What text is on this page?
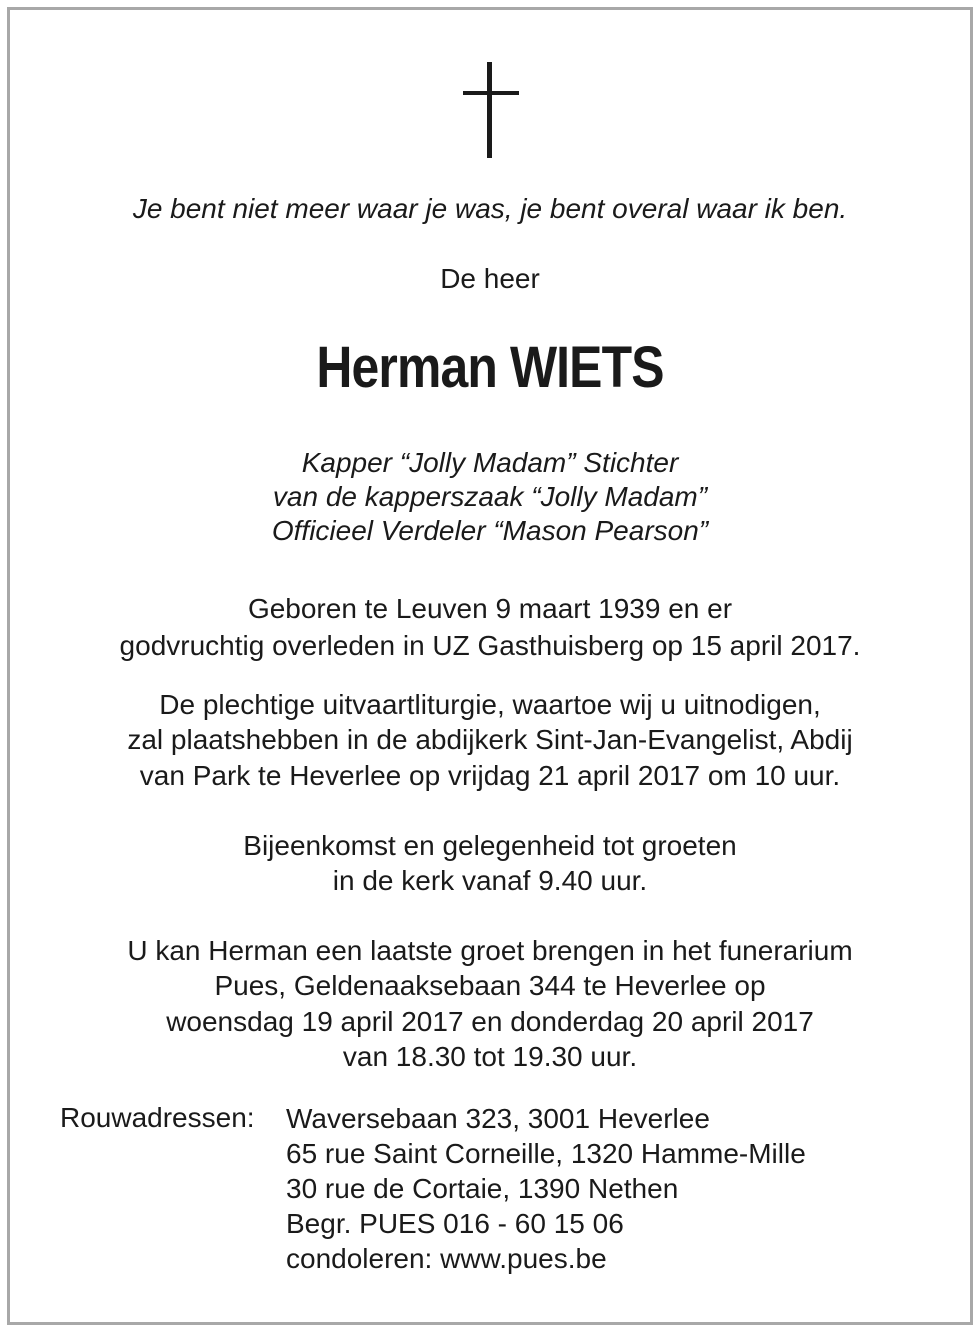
Je bent niet meer waar je was, je bent overal waar ik ben.
De heer
Herman WIETS
Kapper “Jolly Madam” Stichter
van de kapperszaak “Jolly Madam”
Officieel Verdeler “Mason Pearson”
Geboren te Leuven 9 maart 1939 en er
godvruchtig overleden in UZ Gasthuisberg op 15 april 2017.
De plechtige uitvaartliturgie, waartoe wij u uitnodigen,
zal plaatshebben in de abdijkerk Sint-Jan-Evangelist, Abdij
van Park te Heverlee op vrijdag 21 april 2017 om 10 uur.
Bijeenkomst en gelegenheid tot groeten
in de kerk vanaf 9.40 uur.
U kan Herman een laatste groet brengen in het funerarium
Pues, Geldenaaksebaan 344 te Heverlee op
woensdag 19 april 2017 en donderdag 20 april 2017
van 18.30 tot 19.30 uur.
Rouwadressen: Waversebaan 323, 3001 Heverlee
65 rue Saint Corneille, 1320 Hamme-Mille
30 rue de Cortaie, 1390 Nethen
Begr. PUES 016 - 60 15 06
condoleren: www.pues.be
